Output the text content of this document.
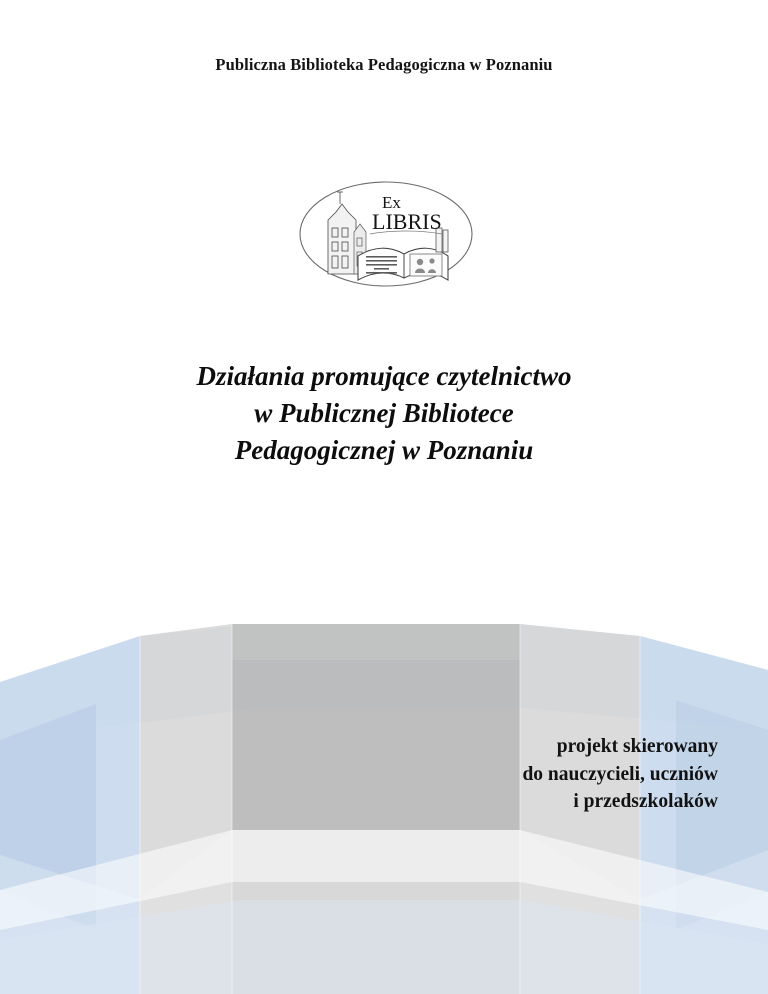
Publiczna Biblioteka Pedagogiczna w Poznaniu
Ex
LIBRIS
Działania promujące czytelnictwo
w Publicznej Bibliotece
Pedagogicznej w Poznaniu
projekt skierowany
do nauczycieli, uczniów
i przedszkolaków
